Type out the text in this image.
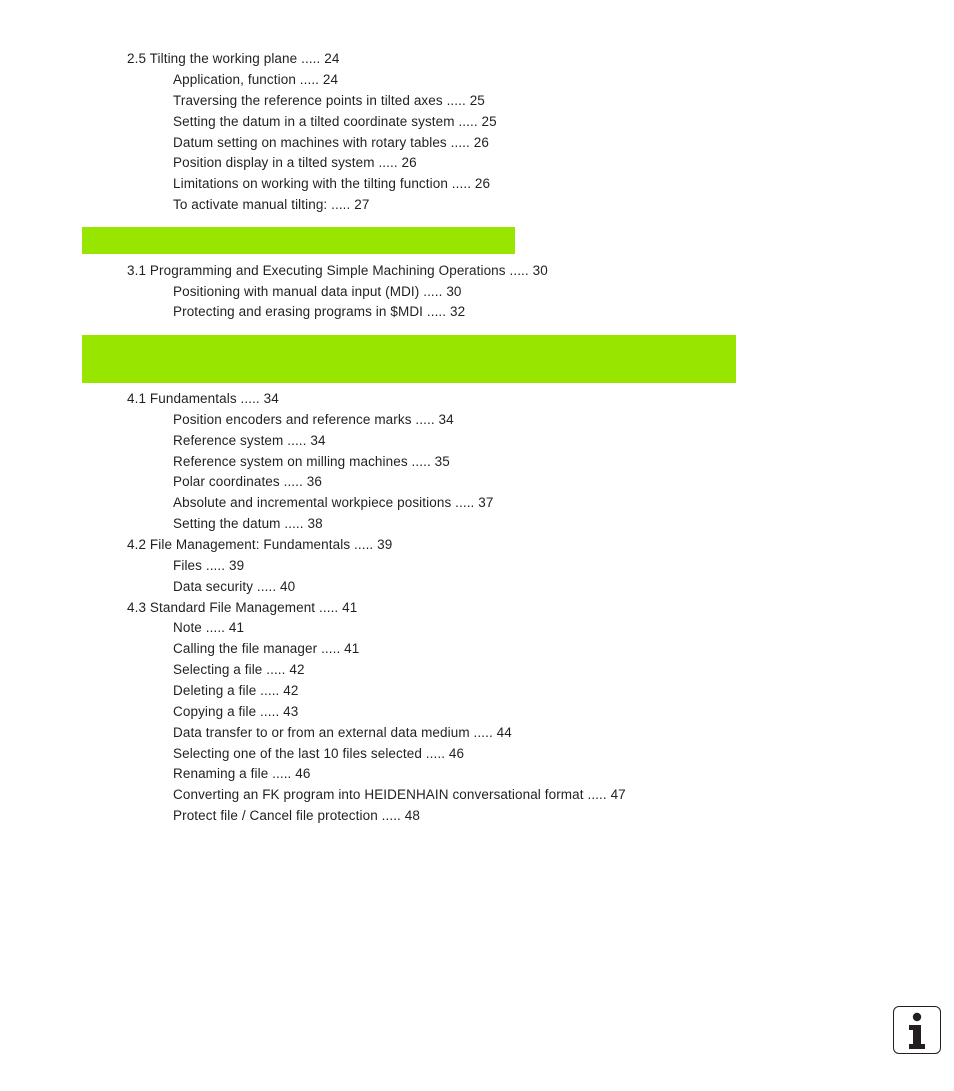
2.5 Tilting the working plane ..... 24
Application, function ..... 24
Traversing the reference points in tilted axes ..... 25
Setting the datum in a tilted coordinate system ..... 25
Datum setting on machines with rotary tables ..... 26
Position display in a tilted system ..... 26
Limitations on working with the tilting function ..... 26
To activate manual tilting: ..... 27
3.1 Programming and Executing Simple Machining Operations ..... 30
Positioning with manual data input (MDI) ..... 30
Protecting and erasing programs in $MDI ..... 32
4.1 Fundamentals ..... 34
Position encoders and reference marks ..... 34
Reference system ..... 34
Reference system on milling machines ..... 35
Polar coordinates ..... 36
Absolute and incremental workpiece positions ..... 37
Setting the datum ..... 38
4.2 File Management: Fundamentals ..... 39
Files ..... 39
Data security ..... 40
4.3 Standard File Management ..... 41
Note ..... 41
Calling the file manager ..... 41
Selecting a file ..... 42
Deleting a file ..... 42
Copying a file ..... 43
Data transfer to or from an external data medium ..... 44
Selecting one of the last 10 files selected ..... 46
Renaming a file ..... 46
Converting an FK program into HEIDENHAIN conversational format ..... 47
Protect file / Cancel file protection ..... 48
